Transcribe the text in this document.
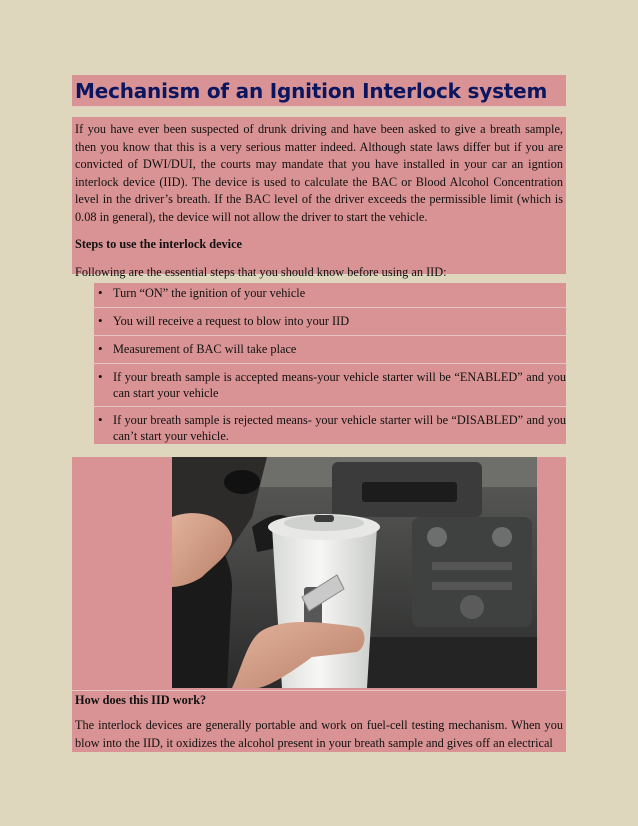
Mechanism of an Ignition Interlock system

If you have ever been suspected of drunk driving and have been asked to give a breath sample, then you know that this is a very serious matter indeed. Although state laws differ but if you are convicted of DWI/DUI, the courts may mandate that you have installed in your car an igntion interlock device (IID). The device is used to calculate the BAC or Blood Alcohol Concentration level in the driver’s breath. If the BAC level of the driver exceeds the permissible limit (which is 0.08 in general), the device will not allow the driver to start the vehicle.

Steps to use the interlock device

Following are the essential steps that you should know before using an IID:

• Turn “ON” the ignition of your vehicle
• You will receive a request to blow into your IID
• Measurement of BAC will take place
• If your breath sample is accepted means-your vehicle starter will be “ENABLED” and you can start your vehicle
• If your breath sample is rejected means- your vehicle starter will be “DISABLED” and you can’t start your vehicle.

How does this IID work?

The interlock devices are generally portable and work on fuel-cell testing mechanism. When you blow into the IID, it oxidizes the alcohol present in your breath sample and gives off an electrical
